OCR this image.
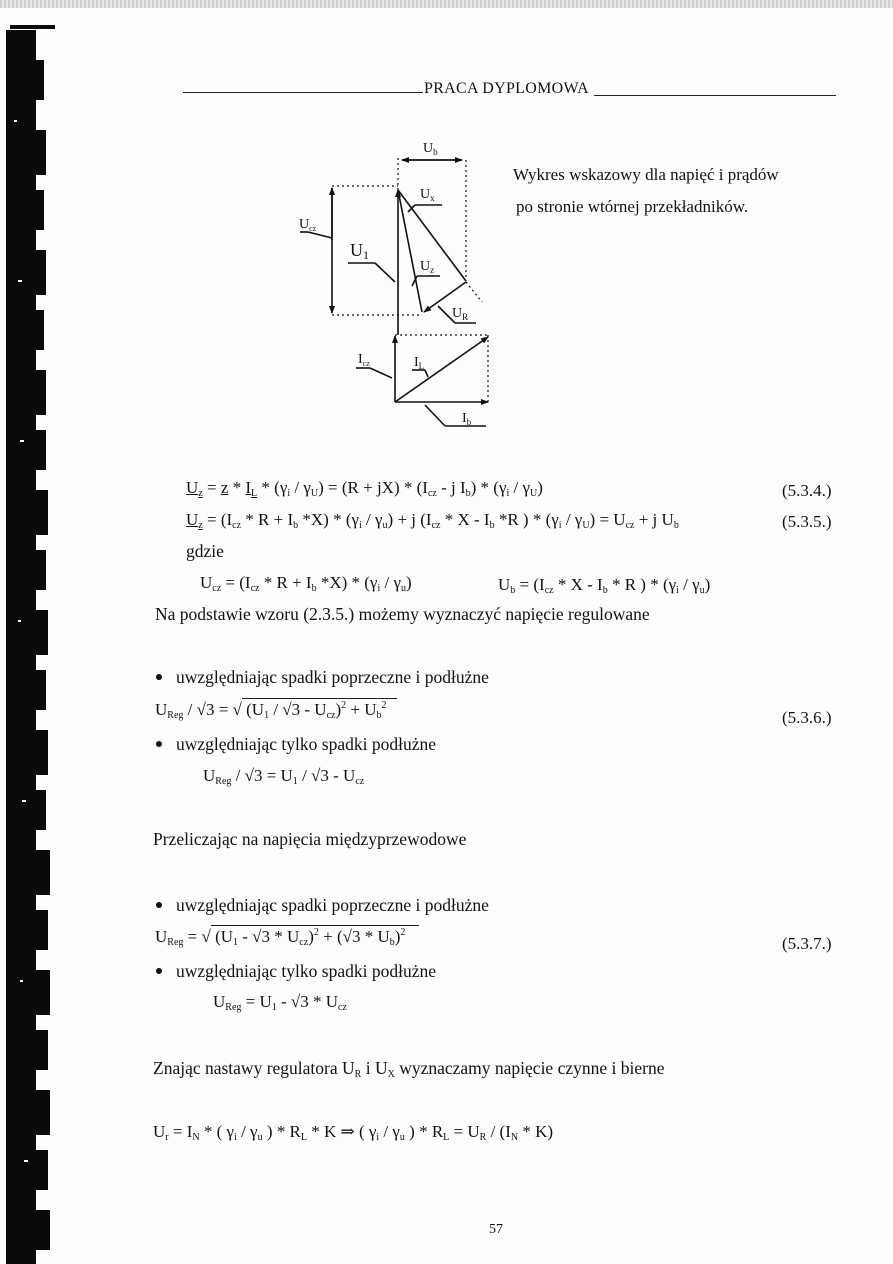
PRACA DYPLOMOWA
$U_b$
$U_x$
$U_{cz}$
U1
$U_z$
$U_R$
$I_{cz}$	$I_L$
$I_b$
Wykres wskazowy dla napięć i prądów
po stronie wtórnej przekładników.
$U_z = z * I_L * (\gamma_i / \gamma_U) = (R + jX) * (I_{cz} - j$ $I_b) * (\gamma_i / \gamma_U)$	(5.3.4.)
$U_z = (I_{cz} * R + I_b$ $*X) * (\gamma_i / \gamma_u) + j$ ($I_{cz}$ * X - $I_b$ *R ) * $(\gamma_i / \gamma_U) = U_{cz} + j$ $U_b$	(5.3.5.)
gdzie
$U_{cz} = (I_{cz} * R + I_b$ $*X) * (\gamma_i / \gamma_u)$	$U_b = (I_{cz} * X - I_b * R$ ) * $(\gamma_i / \gamma_u)$
Na podstawie wzoru (2.3.5.) możemy wyznaczyć napięcie regulowane
uwzględniając spadki poprzeczne i podłużne
$U_{Reg} / √3$ = √ $(U_1 / √3 - U_{cz})^2 + U_b^2$
(5.3.6.)
uwzględniając tylko spadki podłużne
$U_{Reg} / √3 = U_1 / √3 - U_{cz}$
Przeliczając na napięcia międzyprzewodowe
uwzględniając spadki poprzeczne i podłużne
$U_{Reg}$ = √ $(U_1 - √3 * U_{cz})^2 + (√3 * U_b)^2$
(5.3.7.)
uwzględniając tylko spadki podłużne
$U_{Reg} = U_1 - √3 * U_{cz}$
Znając nastawy regulatora $U_R$ i $U_X$ wyznaczamy napięcie czynne i bierne
$U_r = I_N$ * ( $\gamma_i / \gamma_u$ ) * $R_L$ * K ⇒ ( $\gamma_i / \gamma_u$ ) * $R_L = U_R / (I_N * K)$
57
